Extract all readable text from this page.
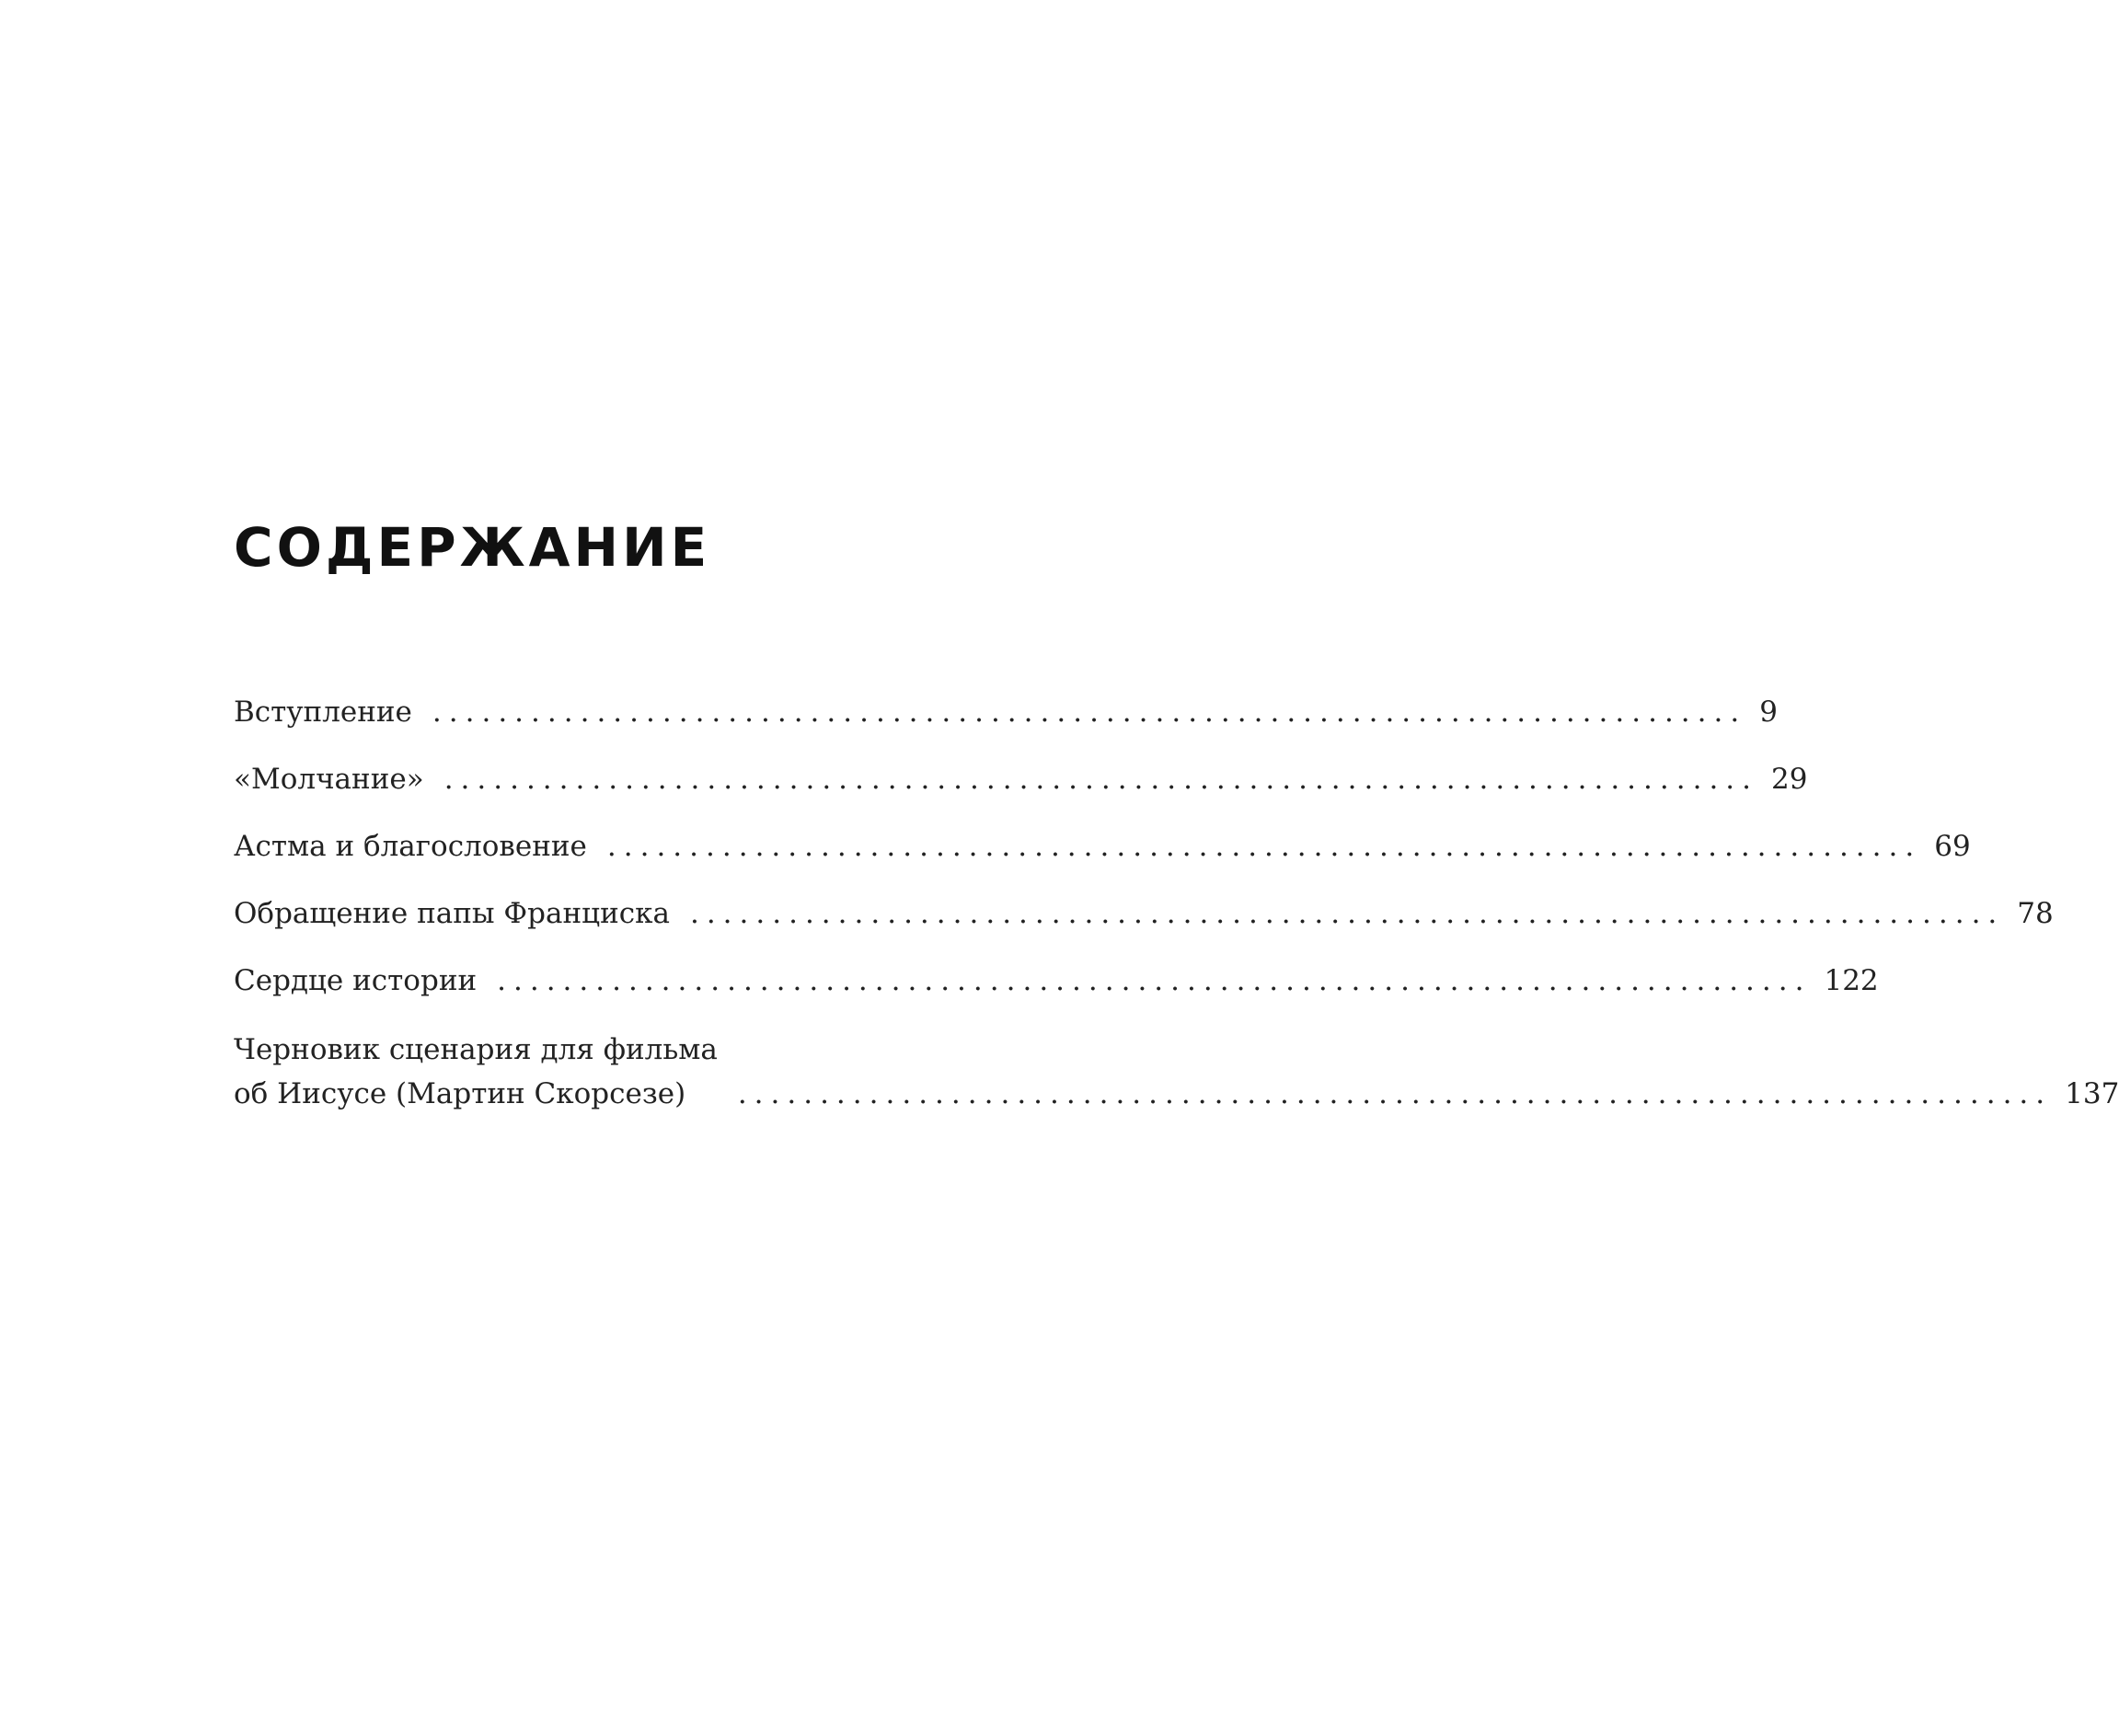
СОДЕРЖАНИЕ
Вступление ................................................................................ 9
«Молчание» ................................................................................ 29
Астма и благословение ................................................................................ 69
Обращение папы Франциска ................................................................................ 78
Сердце истории ................................................................................ 122
Черновик сценария для фильма
об Иисусе (Мартин Скорсезе)	................................................................................ 137
